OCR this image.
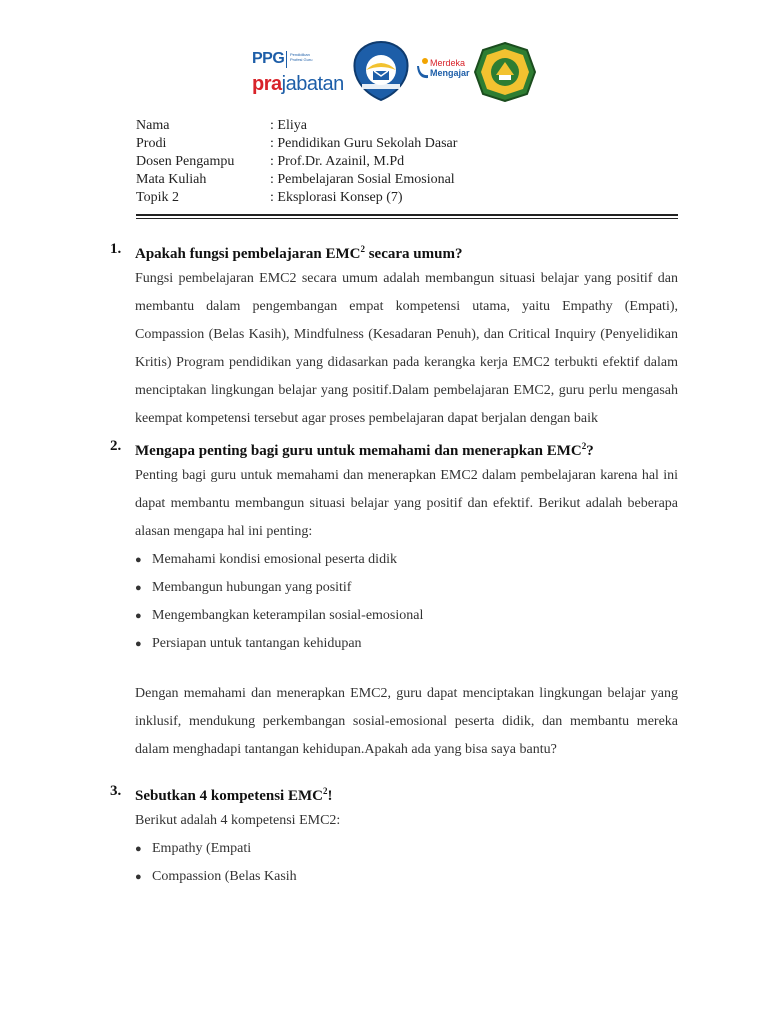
PPG Pendidikan Profesi Guru
prajabatan
Merdeka
Mengajar
Nama	: Eliya
Prodi	: Pendidikan Guru Sekolah Dasar
Dosen Pengampu	: Prof.Dr. Azainil, M.Pd
Mata Kuliah	: Pembelajaran Sosial Emosional
Topik 2	: Eksplorasi Konsep (7)
1. Apakah fungsi pembelajaran EMC$^2$ secara umum?
Fungsi pembelajaran EMC2 secara umum adalah membangun situasi belajar yang positif dan membantu dalam pengembangan empat kompetensi utama, yaitu Empathy (Empati), Compassion (Belas Kasih), Mindfulness (Kesadaran Penuh), dan Critical Inquiry (Penyelidikan Kritis) Program pendidikan yang didasarkan pada kerangka kerja EMC2 terbukti efektif dalam menciptakan lingkungan belajar yang positif.Dalam pembelajaran EMC2, guru perlu mengasah keempat kompetensi tersebut agar proses pembelajaran dapat berjalan dengan baik
2. Mengapa penting bagi guru untuk memahami dan menerapkan EMC$^2$?
Penting bagi guru untuk memahami dan menerapkan EMC2 dalam pembelajaran karena hal ini dapat membantu membangun situasi belajar yang positif dan efektif. Berikut adalah beberapa alasan mengapa hal ini penting:
● Memahami kondisi emosional peserta didik
● Membangun hubungan yang positif
● Mengembangkan keterampilan sosial-emosional
● Persiapan untuk tantangan kehidupan
Dengan memahami dan menerapkan EMC2, guru dapat menciptakan lingkungan belajar yang inklusif, mendukung perkembangan sosial-emosional peserta didik, dan membantu mereka dalam menghadapi tantangan kehidupan.Apakah ada yang bisa saya bantu?
3. Sebutkan 4 kompetensi EMC$^2$!
Berikut adalah 4 kompetensi EMC2:
● Empathy (Empati
● Compassion (Belas Kasih
